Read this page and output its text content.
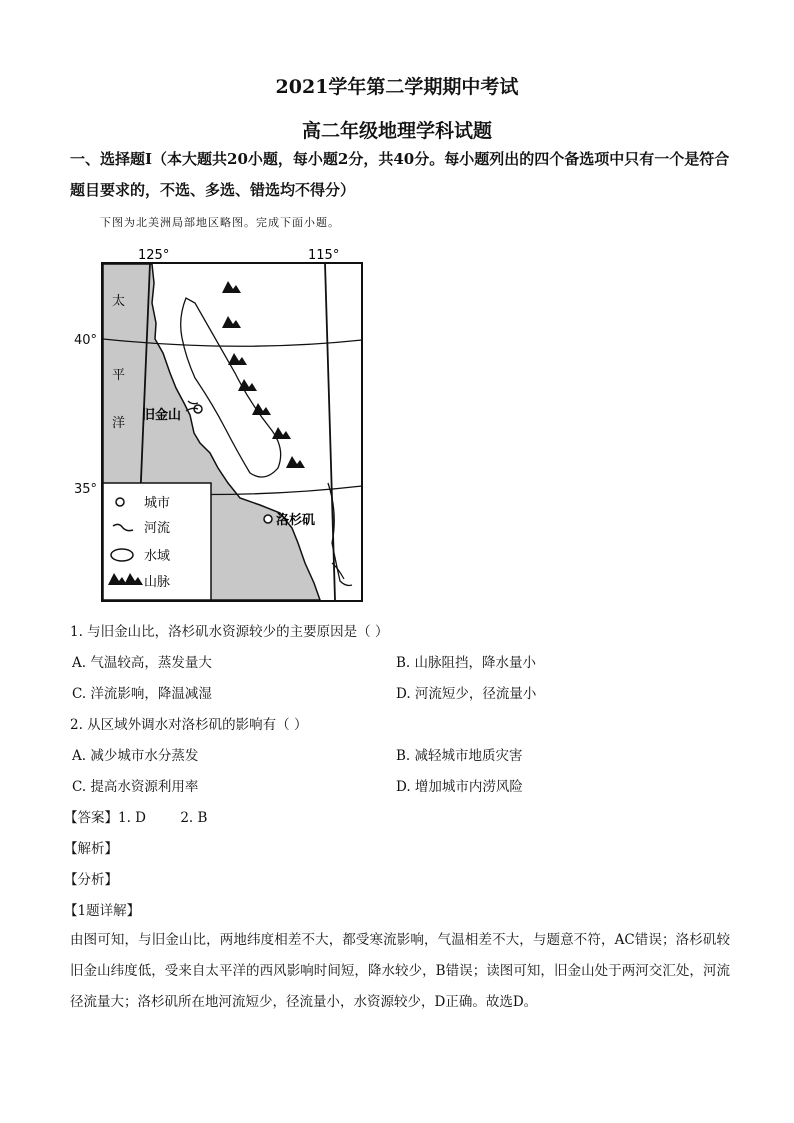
2021学年第二学期期中考试
高二年级地理学科试题
一、选择题Ⅰ（本大题共20小题，每小题2分，共40分。每小题列出的四个备选项中只有一个是符合题目要求的，不选、多选、错选均不得分）
下图为北美洲局部地区略图。完成下面小题。
125°	115°
太
平
洋
旧金山
洛杉矶
城市
河流
水域
山脉
40°
35°
1. 与旧金山比，洛杉矶水资源较少的主要原因是（ ）
A. 气温较高，蒸发量大	B. 山脉阻挡，降水量小
C. 洋流影响，降温减湿	D. 河流短少，径流量小
2. 从区域外调水对洛杉矶的影响有（ ）
A. 减少城市水分蒸发	B. 减轻城市地质灾害
C. 提高水资源利用率	D. 增加城市内涝风险
【答案】1. D        2. B
【解析】
【分析】
【1题详解】
由图可知，与旧金山比，两地纬度相差不大，都受寒流影响，气温相差不大，与题意不符，AC错误；洛杉矶较旧金山纬度低，受来自太平洋的西风影响时间短，降水较少，B错误；读图可知，旧金山处于两河交汇处，河流径流量大；洛杉矶所在地河流短少，径流量小，水资源较少，D正确。故选D。
